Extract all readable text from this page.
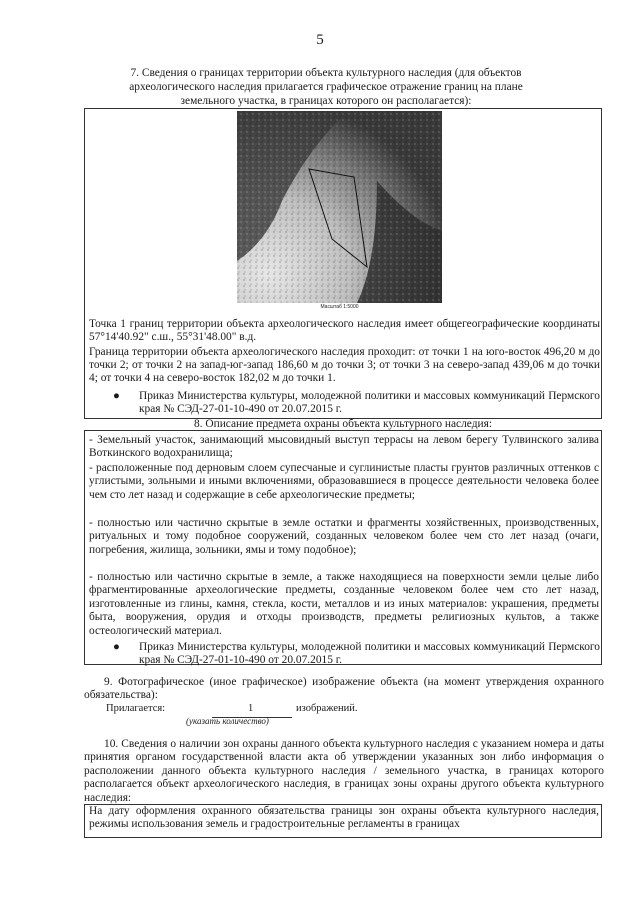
5
7. Сведения о границах территории объекта культурного наследия (для объектов археологического наследия прилагается графическое отражение границ на плане земельного участка, в границах которого он располагается):
Масштаб 1:5000
Точка 1 границ территории объекта археологического наследия имеет общегеографические координаты 57°14'40.92" с.ш., 55°31'48.00" в.д.
Граница территории объекта археологического наследия проходит: от точки 1 на юго-восток 496,20 м до точки 2; от точки 2 на запад-юг-запад 186,60 м до точки 3; от точки 3 на северо-запад 439,06 м до точки 4; от точки 4 на северо-восток 182,02 м до точки 1.
●	Приказ Министерства культуры, молодежной политики и массовых коммуникаций Пермского края № СЭД-27-01-10-490 от 20.07.2015 г.
8. Описание предмета охраны объекта культурного наследия:
- Земельный участок, занимающий мысовидный выступ террасы на левом берегу Тулвинского залива Воткинского водохранилища;
- расположенные под дерновым слоем супесчаные и суглинистые пласты грунтов различных оттенков с углистыми, зольными и иными включениями, образовавшиеся в процессе деятельности человека более чем сто лет назад и содержащие в себе археологические предметы;
- полностью или частично скрытые в земле остатки и фрагменты хозяйственных, производственных, ритуальных и тому подобное сооружений, созданных человеком более чем сто лет назад (очаги, погребения, жилища, зольники, ямы и тому подобное);
- полностью или частично скрытые в земле, а также находящиеся на поверхности земли целые либо фрагментированные археологические предметы, созданные человеком более чем сто лет назад, изготовленные из глины, камня, стекла, кости, металлов и из иных материалов: украшения, предметы быта, вооружения, орудия и отходы производств, предметы религиозных культов, а также остеологический материал.
●	Приказ Министерства культуры, молодежной политики и массовых коммуникаций Пермского края № СЭД-27-01-10-490 от 20.07.2015 г.
9. Фотографическое (иное графическое) изображение объекта (на момент утверждения охранного обязательства):
Прилагается:	1	изображений.
(указать количество)
10. Сведения о наличии зон охраны данного объекта культурного наследия с указанием номера и даты принятия органом государственной власти акта об утверждении указанных зон либо информация о расположении данного объекта культурного наследия / земельного участка, в границах которого располагается объект археологического наследия, в границах зоны охраны другого объекта культурного наследия:
На дату оформления охранного обязательства границы зон охраны объекта культурного наследия, режимы использования земель и градостроительные регламенты в границах
